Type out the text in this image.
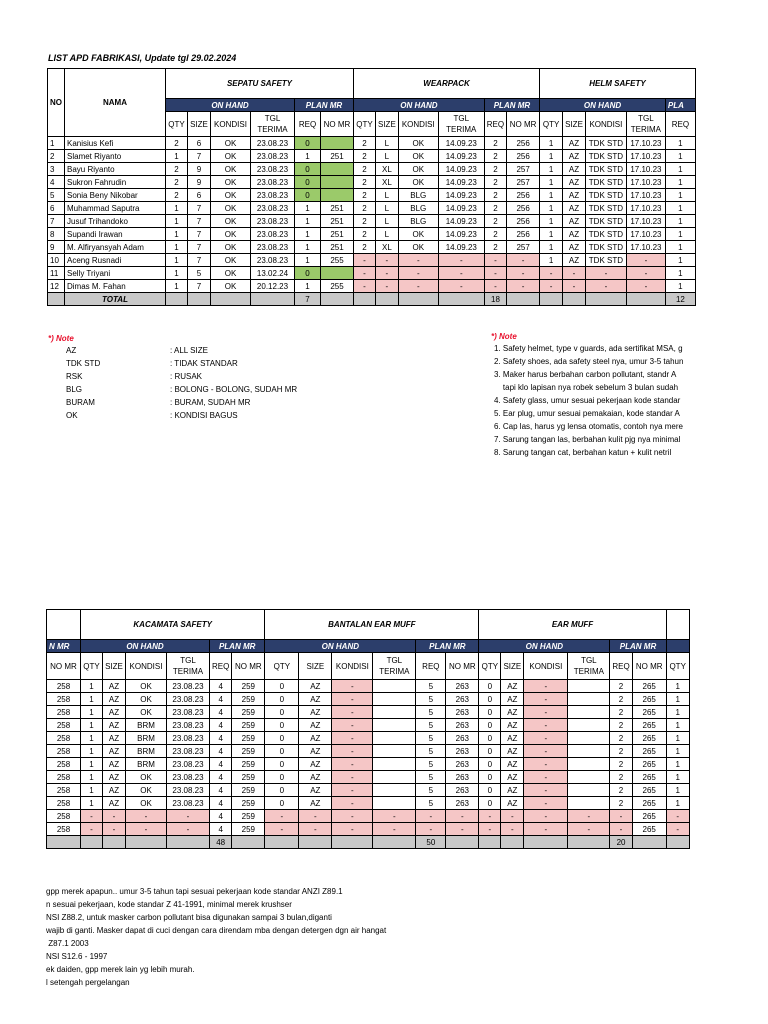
LIST APD FABRIKASI, Update tgl 29.02.2024
NO	NAMA	SEPATU SAFETY						WEARPACK						HELM SAFETY				
		ON HAND				PLAN MR		ON HAND				PLAN MR		ON HAND				PLA
		QTY	SIZE	KONDISI	TGL TERIMA	REQ	NO MR	QTY	SIZE	KONDISI	TGL TERIMA	REQ	NO MR	QTY	SIZE	KONDISI	TGL TERIMA	REQ
1	Kanisius Kefi	2	6	OK	23.08.23	0		2	L	OK	14.09.23	2	256	1	AZ	TDK STD	17.10.23	1
2	Slamet Riyanto	1	7	OK	23.08.23	1	251	2	L	OK	14.09.23	2	256	1	AZ	TDK STD	17.10.23	1
3	Bayu Riyanto	2	9	OK	23.08.23	0		2	XL	OK	14.09.23	2	257	1	AZ	TDK STD	17.10.23	1
4	Sukron Fahrudin	2	9	OK	23.08.23	0		2	XL	OK	14.09.23	2	257	1	AZ	TDK STD	17.10.23	1
5	Sonia Beny Nikobar	2	6	OK	23.08.23	0		2	L	BLG	14.09.23	2	256	1	AZ	TDK STD	17.10.23	1
6	Muhammad Saputra	1	7	OK	23.08.23	1	251	2	L	BLG	14.09.23	2	256	1	AZ	TDK STD	17.10.23	1
7	Jusuf Trihandoko	1	7	OK	23.08.23	1	251	2	L	BLG	14.09.23	2	256	1	AZ	TDK STD	17.10.23	1
8	Supandi Irawan	1	7	OK	23.08.23	1	251	2	L	OK	14.09.23	2	256	1	AZ	TDK STD	17.10.23	1
9	M. Alfiryansyah Adam	1	7	OK	23.08.23	1	251	2	XL	OK	14.09.23	2	257	1	AZ	TDK STD	17.10.23	1
10	Aceng Rusnadi	1	7	OK	23.08.23	1	255	-	-	-	-	-	-	1	AZ	TDK STD	-	1
11	Selly Triyani	1	5	OK	13.02.24	0		-	-	-	-	-	-	-	-	-	-	1
12	Dimas M. Fahan	1	7	OK	20.12.23	1	255	-	-	-	-	-	-	-	-	-	-	1
	TOTAL					7						18						12
*) Note
AZ	: ALL SIZE
TDK STD	: TIDAK STANDAR
RSK	: RUSAK
BLG	: BOLONG - BOLONG, SUDAH MR
BURAM	: BURAM, SUDAH MR
OK	: KONDISI BAGUS
*) Note
1. Safety helmet, type v guards, ada sertifikat MSA, g
2. Safety shoes, ada safety steel nya, umur 3-5 tahun
3. Maker harus berbahan carbon pollutant, standr A
tapi klo lapisan nya robek sebelum 3 bulan sudah
4. Safety glass, umur sesuai pekerjaan kode standar
5. Ear plug, umur sesuai pemakaian, kode standar A
6. Cap las, harus yg lensa otomatis, contoh nya mere
7. Sarung tangan las, berbahan kulit pjg nya minimal
8. Sarung tangan cat, berbahan katun + kulit netril
	KACAMATA SAFETY						BANTALAN EAR MUFF						EAR MUFF						
N MR	ON HAND				PLAN MR		ON HAND				PLAN MR		ON HAND				PLAN MR		
NO MR	QTY	SIZE	KONDISI	TGL TERIMA	REQ	NO MR	QTY	SIZE	KONDISI	TGL TERIMA	REQ	NO MR	QTY	SIZE	KONDISI	TGL TERIMA	REQ	NO MR	QTY
258	1	AZ	OK	23.08.23	4	259	0	AZ	-		5	263	0	AZ	-		2	265	1
258	1	AZ	OK	23.08.23	4	259	0	AZ	-		5	263	0	AZ	-		2	265	1
258	1	AZ	OK	23.08.23	4	259	0	AZ	-		5	263	0	AZ	-		2	265	1
258	1	AZ	BRM	23.08.23	4	259	0	AZ	-		5	263	0	AZ	-		2	265	1
258	1	AZ	BRM	23.08.23	4	259	0	AZ	-		5	263	0	AZ	-		2	265	1
258	1	AZ	BRM	23.08.23	4	259	0	AZ	-		5	263	0	AZ	-		2	265	1
258	1	AZ	BRM	23.08.23	4	259	0	AZ	-		5	263	0	AZ	-		2	265	1
258	1	AZ	OK	23.08.23	4	259	0	AZ	-		5	263	0	AZ	-		2	265	1
258	1	AZ	OK	23.08.23	4	259	0	AZ	-		5	263	0	AZ	-		2	265	1
258	1	AZ	OK	23.08.23	4	259	0	AZ	-		5	263	0	AZ	-		2	265	1
258	-	-	-	-	4	259	-	-	-	-	-	-	-	-	-	-	-	265	-
258	-	-	-	-	4	259	-	-	-	-	-	-	-	-	-	-	-	265	-
					48						50						20		
gpp merek apapun.. umur 3-5 tahun tapi sesuai pekerjaan kode standar ANZI Z89.1
n sesuai pekerjaan, kode standar Z 41-1991, minimal merek krushser
NSI Z88.2, untuk masker carbon pollutant bisa digunakan sampai 3 bulan,diganti
wajib di ganti. Masker dapat di cuci dengan cara direndam mba dengan detergen dgn air hangat
Z87.1 2003
NSI S12.6 - 1997
ek daiden, gpp merek lain yg lebih murah.
l setengah pergelangan
